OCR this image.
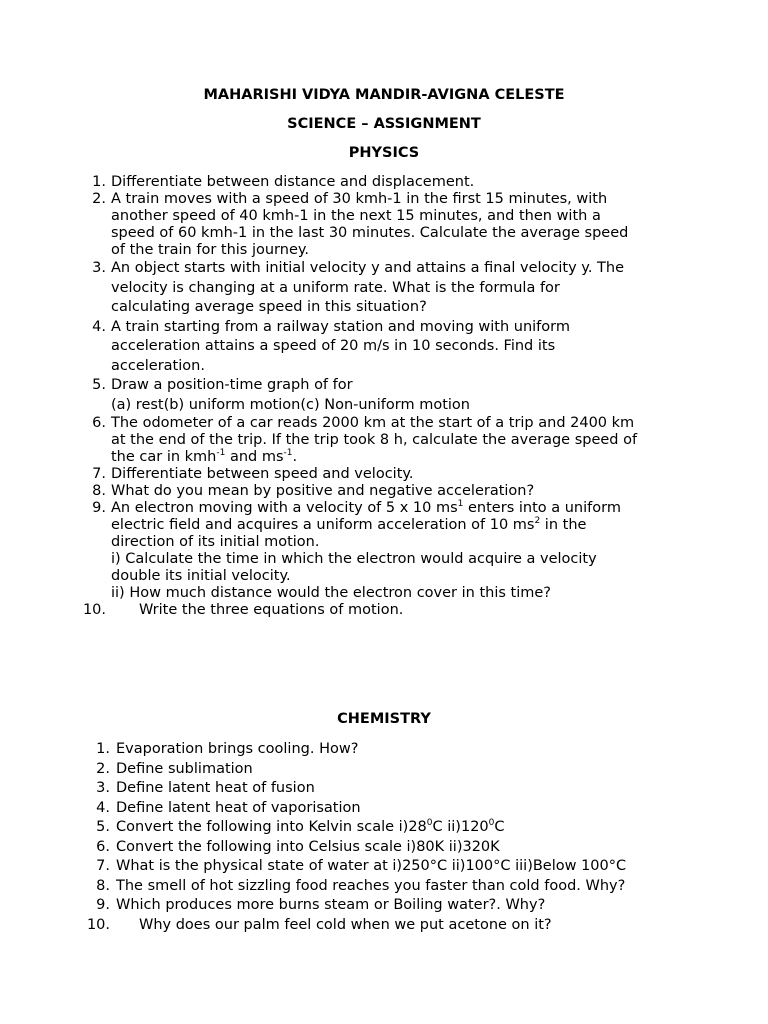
MAHARISHI VIDYA MANDIR-AVIGNA CELESTE
SCIENCE – ASSIGNMENT
PHYSICS
1. Differentiate between distance and displacement.
2. A train moves with a speed of 30 kmh-1 in the first 15 minutes, with
another speed of 40 kmh-1 in the next 15 minutes, and then with a
speed of 60 kmh-1 in the last 30 minutes. Calculate the average speed
of the train for this journey.
3. An object starts with initial velocity y and attains a final velocity y. The
velocity is changing at a uniform rate. What is the formula for
calculating average speed in this situation?
4. A train starting from a railway station and moving with uniform
acceleration attains a speed of 20 m/s in 10 seconds. Find its
acceleration.
5. Draw a position-time graph of for
(a) rest(b) uniform motion(c) Non-uniform motion
6. The odometer of a car reads 2000 km at the start of a trip and 2400 km
at the end of the trip. If the trip took 8 h, calculate the average speed of
the car in kmh$^{-1}$ and $ms^{-1}$.
7. Differentiate between speed and velocity.
8. What do you mean by positive and negative acceleration?
9. An electron moving with a velocity of 5 x 10 $ms^1$ enters into a uniform
electric field and acquires a uniform acceleration of 10 $ms^2$ in the
direction of its initial motion.
i) Calculate the time in which the electron would acquire a velocity
double its initial velocity.
ii) How much distance would the electron cover in this time?
10. Write the three equations of motion.
CHEMISTRY
1. Evaporation brings cooling. How?
2. Define sublimation
3. Define latent heat of fusion
4. Define latent heat of vaporisation
5. Convert the following into Kelvin scale $i)28^0C$ $ii)120^0C$
6. Convert the following into Celsius scale i)80K ii)320K
7. What is the physical state of water at i)250°C ii)100°C iii)Below 100°C
8. The smell of hot sizzling food reaches you faster than cold food. Why?
9. Which produces more burns steam or Boiling water?. Why?
10. Why does our palm feel cold when we put acetone on it?
